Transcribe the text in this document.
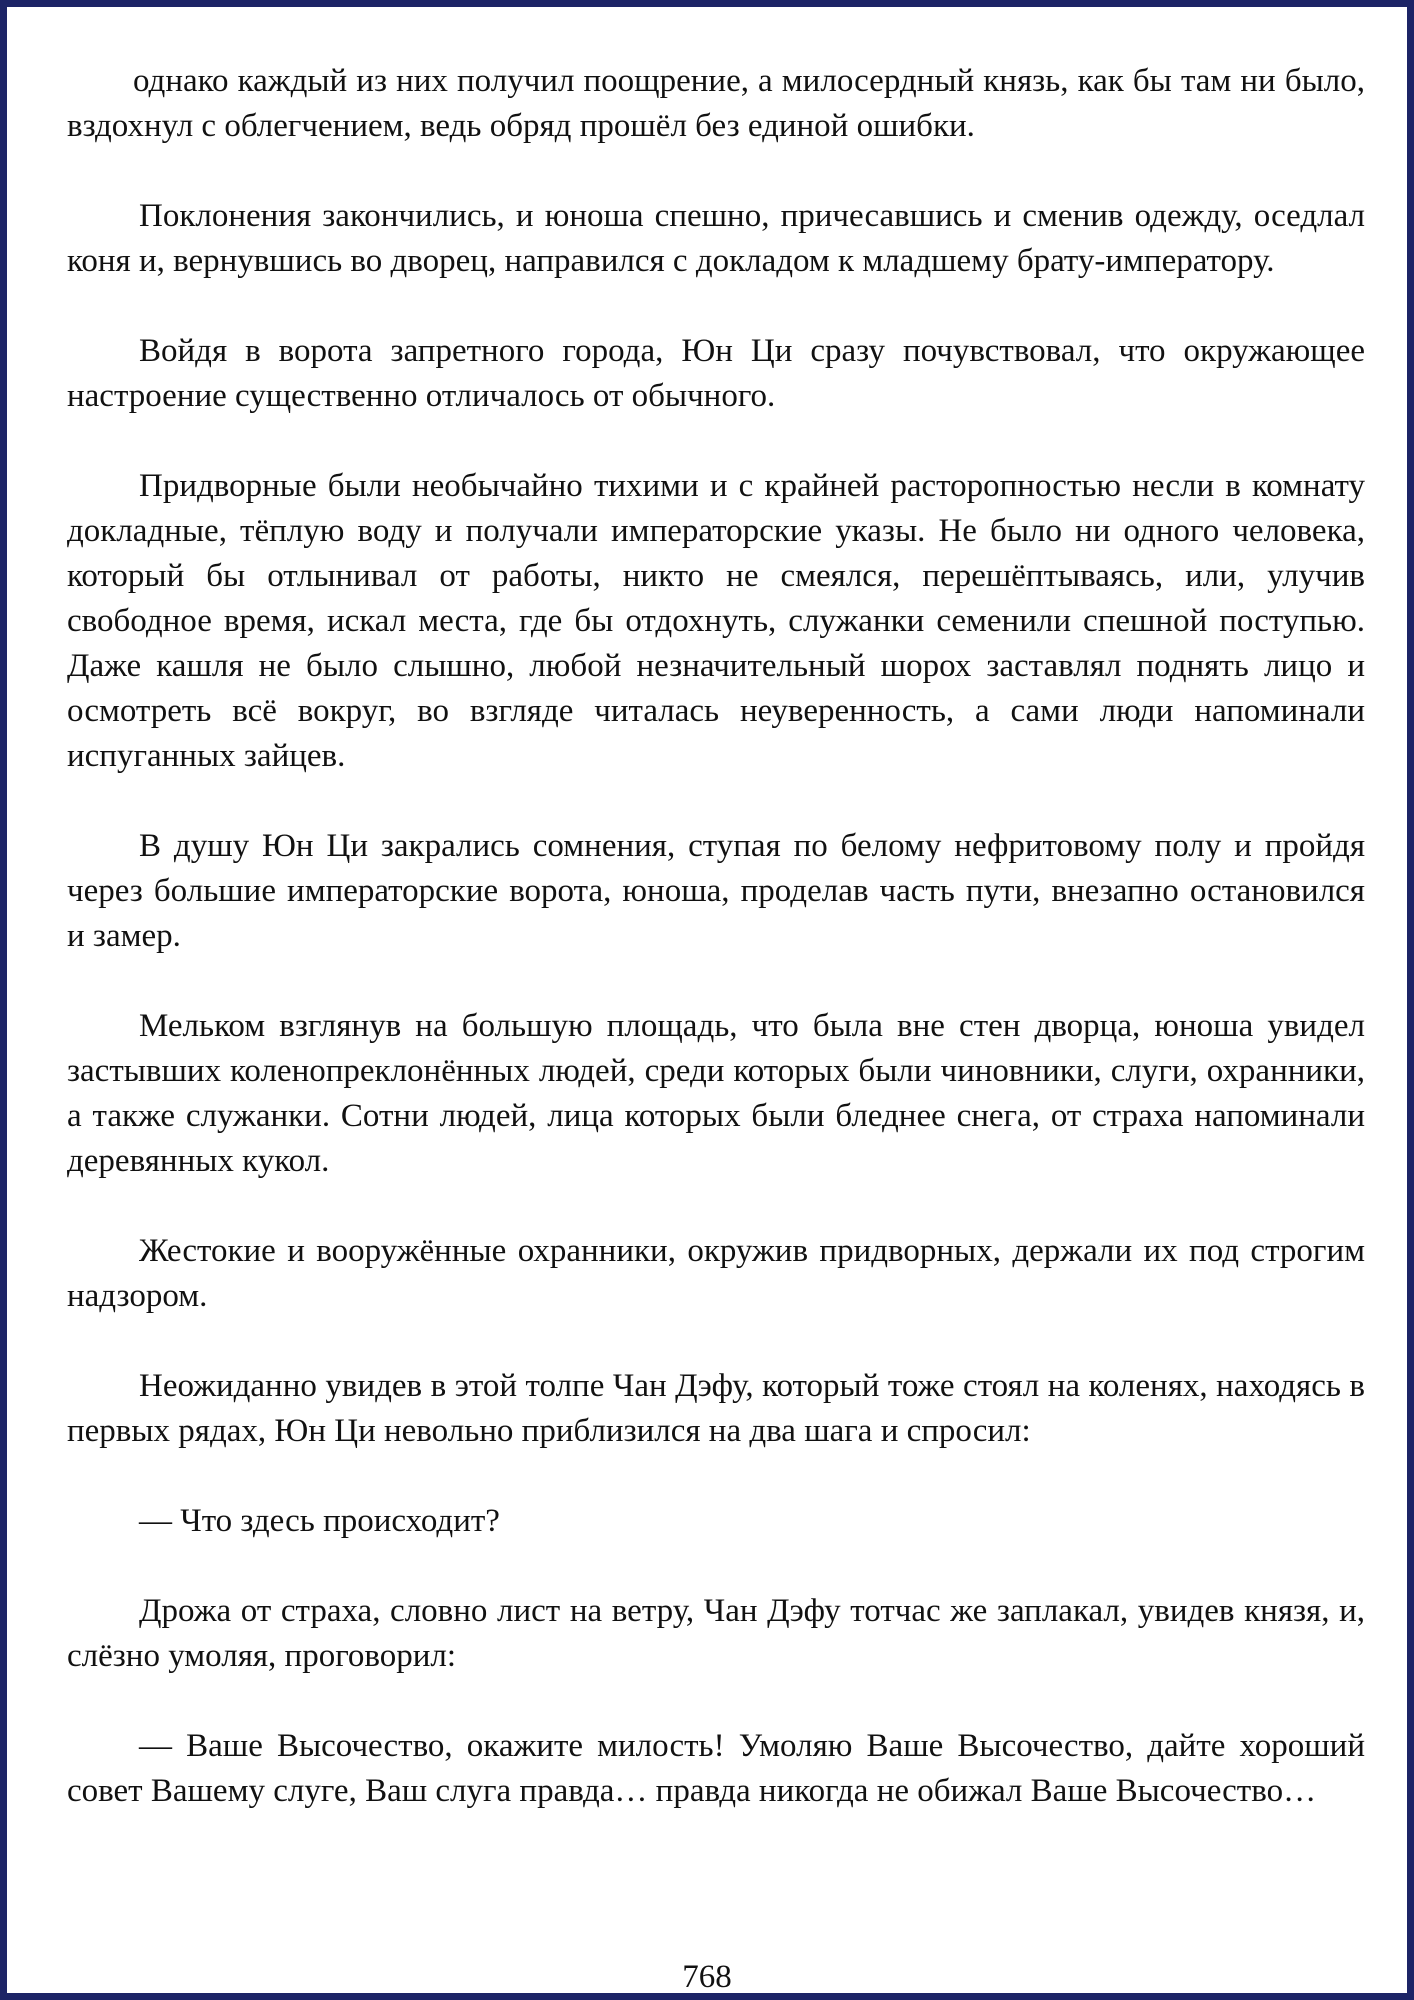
однако каждый из них получил поощрение, а милосердный князь, как бы там ни было, вздохнул с облегчением, ведь обряд прошёл без единой ошибки.

Поклонения закончились, и юноша спешно, причесавшись и сменив одежду, оседлал коня и, вернувшись во дворец, направился с докладом к младшему брату-императору.

Войдя в ворота запретного города, Юн Ци сразу почувствовал, что окружающее настроение существенно отличалось от обычного.

Придворные были необычайно тихими и с крайней расторопностью несли в комнату докладные, тёплую воду и получали императорские указы. Не было ни одного человека, который бы отлынивал от работы, никто не смеялся, перешёптываясь, или, улучив свободное время, искал места, где бы отдохнуть, служанки семенили спешной поступью. Даже кашля не было слышно, любой незначительный шорох заставлял поднять лицо и осмотреть всё вокруг, во взгляде читалась неуверенность, а сами люди напоминали испуганных зайцев.

В душу Юн Ци закрались сомнения, ступая по белому нефритовому полу и пройдя через большие императорские ворота, юноша, проделав часть пути, внезапно остановился и замер.

Мельком взглянув на большую площадь, что была вне стен дворца, юноша увидел застывших коленопреклонённых людей, среди которых были чиновники, слуги, охранники, а также служанки. Сотни людей, лица которых были бледнее снега, от страха напоминали деревянных кукол.

Жестокие и вооружённые охранники, окружив придворных, держали их под строгим надзором.

Неожиданно увидев в этой толпе Чан Дэфу, который тоже стоял на коленях, находясь в первых рядах, Юн Ци невольно приблизился на два шага и спросил:

— Что здесь происходит?

Дрожа от страха, словно лист на ветру, Чан Дэфу тотчас же заплакал, увидев князя, и, слёзно умоляя, проговорил:

— Ваше Высочество, окажите милость! Умоляю Ваше Высочество, дайте хороший совет Вашему слуге, Ваш слуга правда… правда никогда не обижал Ваше Высочество…

768
